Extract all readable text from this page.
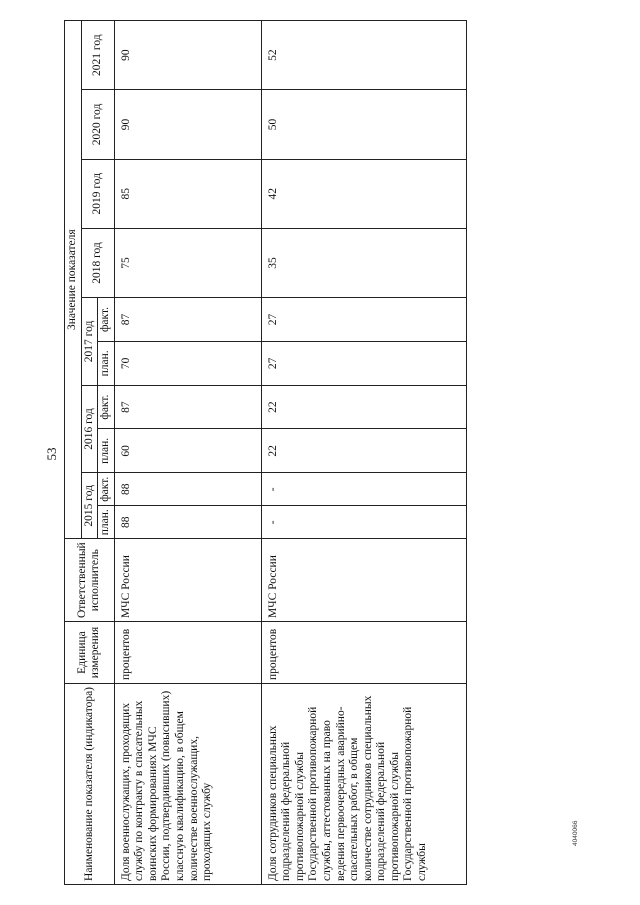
53
Наименование показателя (индикатора)	Единица измерения	Ответственный исполнитель	Значение показателя									
			2015 год		2016 год		2017 год		2018 год	2019 год	2020 год	2021 год
			план.	факт.	план.	факт.	план.	факт.				
Доля военнослужащих, проходящих службу по контракту в спасательных воинских формированиях МЧС России, подтвердивших (повысивших) классную квалификацию, в общем количестве военнослужащих, проходящих службу	процентов	МЧС России	88	88	60	87	70	87	75	85	90	90
Доля сотрудников специальных подразделений федеральной противопожарной службы Государственной противопожарной службы, аттестованных на право ведения первоочередных аварийно-спасательных работ, в общем количестве сотрудников специальных подразделений федеральной противопожарной службы Государственной противопожарной службы	процентов	МЧС России	-	-	22	22	27	27	35	42	50	52
4040066
